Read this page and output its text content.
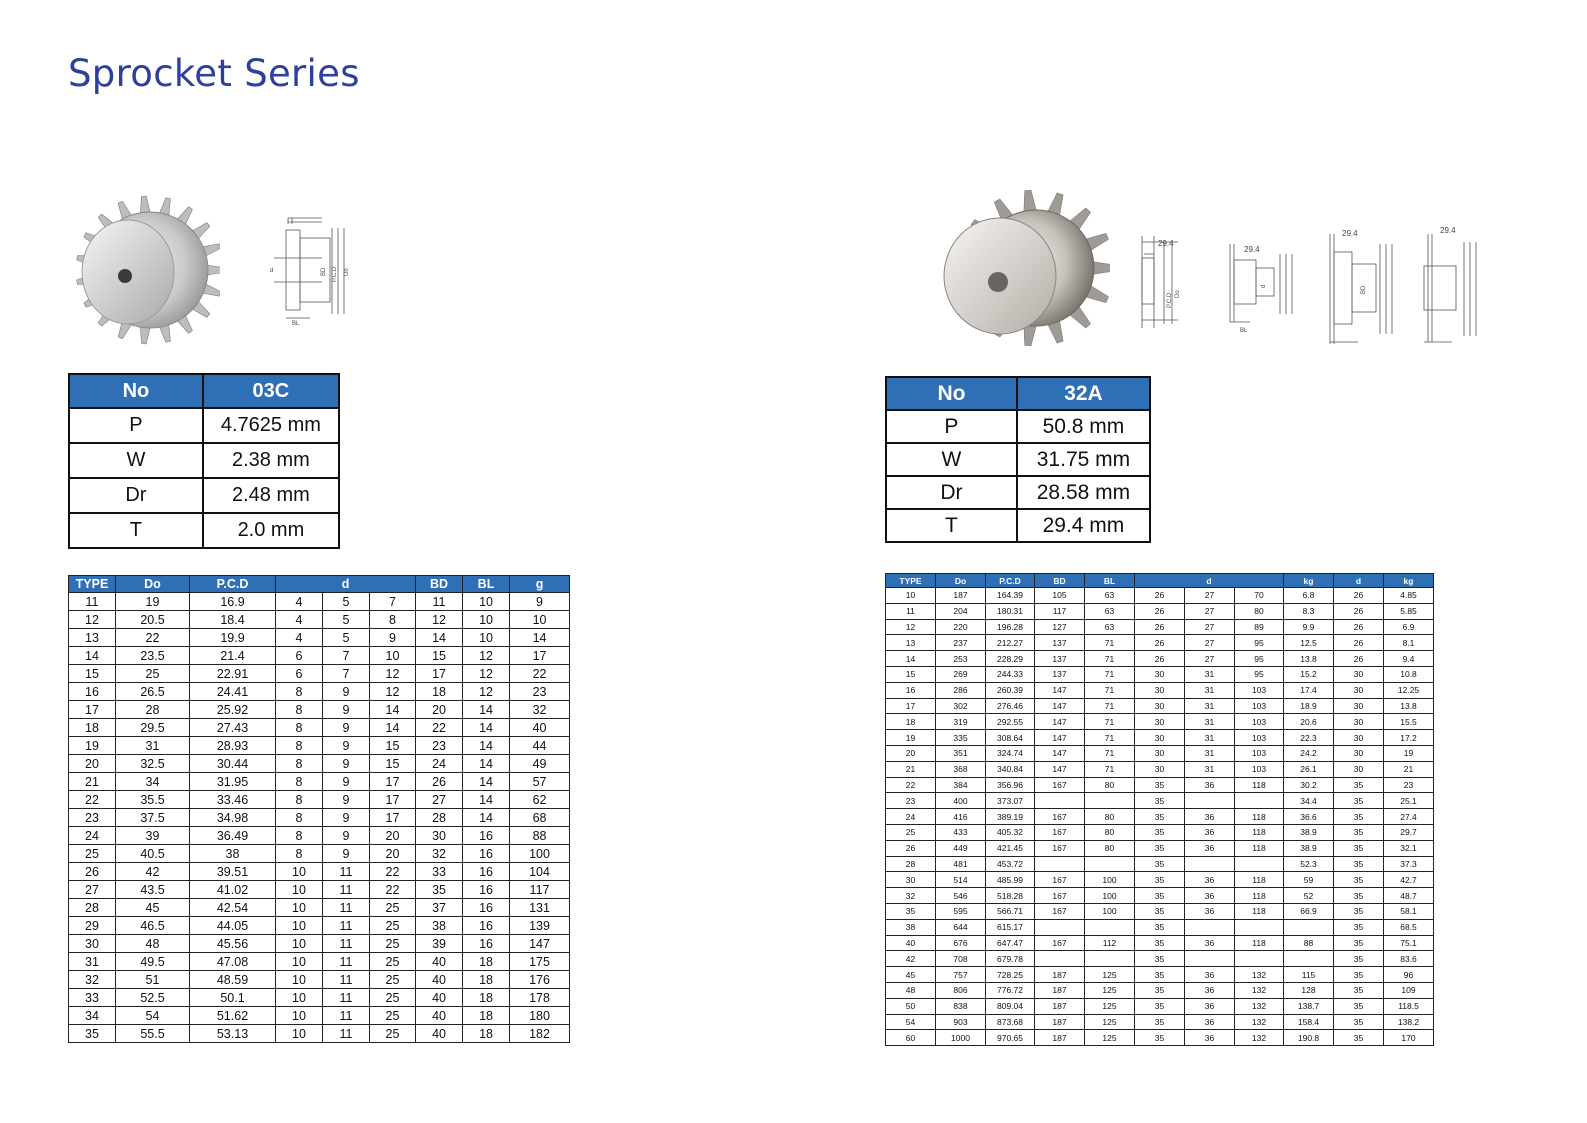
Sprocket Series
d	BD P.C.D Do
BL
No	03C
P	4.7625 mm
W	2.38 mm
Dr	2.48 mm
T	2.0 mm
TYPE	Do	P.C.D	d			BD	BL	g
11	19	16.9	4	5	7	11	10	9
12	20.5	18.4	4	5	8	12	10	10
13	22	19.9	4	5	9	14	10	14
14	23.5	21.4	6	7	10	15	12	17
15	25	22.91	6	7	12	17	12	22
16	26.5	24.41	8	9	12	18	12	23
17	28	25.92	8	9	14	20	14	32
18	29.5	27.43	8	9	14	22	14	40
19	31	28.93	8	9	15	23	14	44
20	32.5	30.44	8	9	15	24	14	49
21	34	31.95	8	9	17	26	14	57
22	35.5	33.46	8	9	17	27	14	62
23	37.5	34.98	8	9	17	28	14	68
24	39	36.49	8	9	20	30	16	88
25	40.5	38	8	9	20	32	16	100
26	42	39.51	10	11	22	33	16	104
27	43.5	41.02	10	11	22	35	16	117
28	45	42.54	10	11	25	37	16	131
29	46.5	44.05	10	11	25	38	16	139
30	48	45.56	10	11	25	39	16	147
31	49.5	47.08	10	11	25	40	18	175
32	51	48.59	10	11	25	40	18	176
33	52.5	50.1	10	11	25	40	18	178
34	54	51.62	10	11	25	40	18	180
35	55.5	53.13	10	11	25	40	18	182
29.4
29.4
29.4	29.4
P.C.D Do
BL
d	BD
No	32A
P	50.8 mm
W	31.75 mm
Dr	28.58 mm
T	29.4 mm
TYPE	Do	P.C.D	BD	BL	d			kg	d	kg
10	187	164.39	105	63	26	27	70	6.8	26	4.85
11	204	180.31	117	63	26	27	80	8.3	26	5.85
12	220	196.28	127	63	26	27	89	9.9	26	6.9
13	237	212.27	137	71	26	27	95	12.5	26	8.1
14	253	228.29	137	71	26	27	95	13.8	26	9.4
15	269	244.33	137	71	30	31	95	15.2	30	10.8
16	286	260.39	147	71	30	31	103	17.4	30	12.25
17	302	276.46	147	71	30	31	103	18.9	30	13.8
18	319	292.55	147	71	30	31	103	20.6	30	15.5
19	335	308.64	147	71	30	31	103	22.3	30	17.2
20	351	324.74	147	71	30	31	103	24.2	30	19
21	368	340.84	147	71	30	31	103	26.1	30	21
22	384	356.96	167	80	35	36	118	30.2	35	23
23	400	373.07			35			34.4	35	25.1
24	416	389.19	167	80	35	36	118	36.6	35	27.4
25	433	405.32	167	80	35	36	118	38.9	35	29.7
26	449	421.45	167	80	35	36	118	38.9	35	32.1
28	481	453.72			35			52.3	35	37.3
30	514	485.99	167	100	35	36	118	59	35	42.7
32	546	518.28	167	100	35	36	118	52	35	48.7
35	595	566.71	167	100	35	36	118	66.9	35	58.1
38	644	615.17			35				35	68.5
40	676	647.47	167	112	35	36	118	88	35	75.1
42	708	679.78			35				35	83.6
45	757	728.25	187	125	35	36	132	115	35	96
48	806	776.72	187	125	35	36	132	128	35	109
50	838	809.04	187	125	35	36	132	138.7	35	118.5
54	903	873.68	187	125	35	36	132	158.4	35	138.2
60	1000	970.65	187	125	35	36	132	190.8	35	170
